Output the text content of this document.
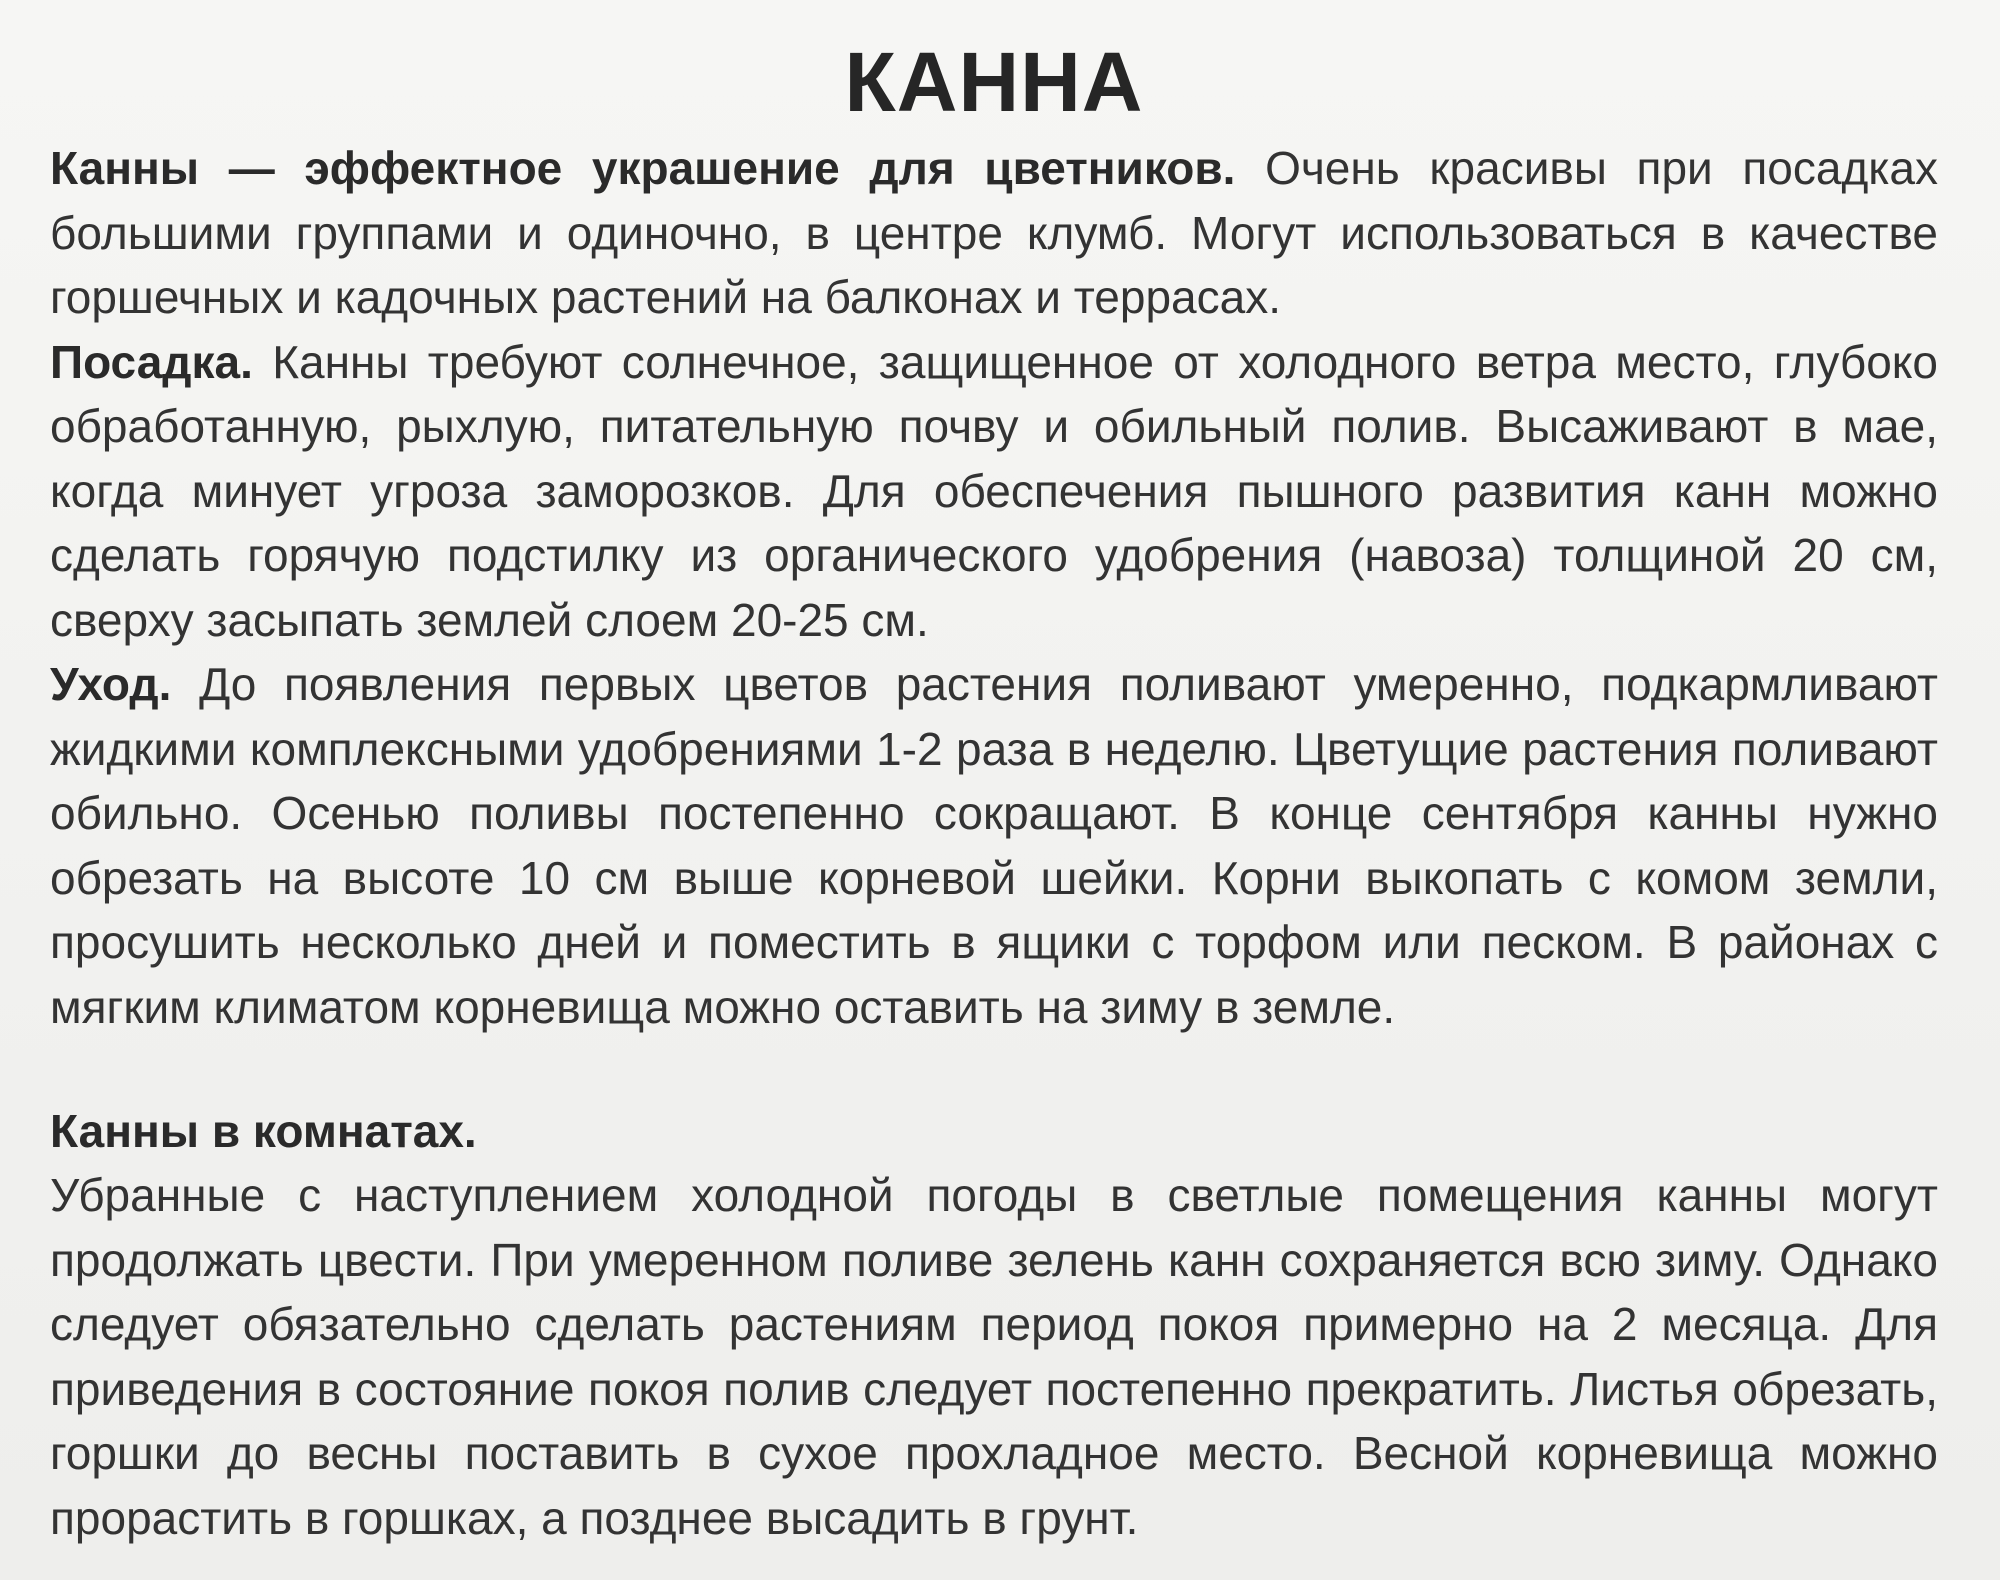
КАННА

Канны — эффектное украшение для цветников. Очень красивы при посадках большими группами и одиночно, в центре клумб. Могут использоваться в качестве горшечных и кадочных растений на балконах и террасах.

Посадка. Канны требуют солнечное, защищенное от холодного ветра место, глубоко обработанную, рыхлую, питательную почву и обильный полив. Высаживают в мае, когда минует угроза заморозков. Для обеспечения пышного развития канн можно сделать горячую подстилку из органического удобрения (навоза) толщиной 20 см, сверху засыпать землей слоем 20-25 см.

Уход. До появления первых цветов растения поливают умеренно, подкармливают жидкими комплексными удобрениями 1-2 раза в неделю. Цветущие растения поливают обильно. Осенью поливы постепенно сокращают. В конце сентября канны нужно обрезать на высоте 10 см выше корневой шейки. Корни выкопать с комом земли, просушить несколько дней и поместить в ящики с торфом или песком. В районах с мягким климатом корневища можно оставить на зиму в земле.

Канны в комнатах.

Убранные с наступлением холодной погоды в светлые помещения канны могут продолжать цвести. При умеренном поливе зелень канн сохраняется всю зиму. Однако следует обязательно сделать растениям период покоя примерно на 2 месяца. Для приведения в состояние покоя полив следует постепенно прекратить. Листья обрезать, горшки до весны поставить в сухое прохладное место. Весной корневища можно прорастить в горшках, а позднее высадить в грунт.
